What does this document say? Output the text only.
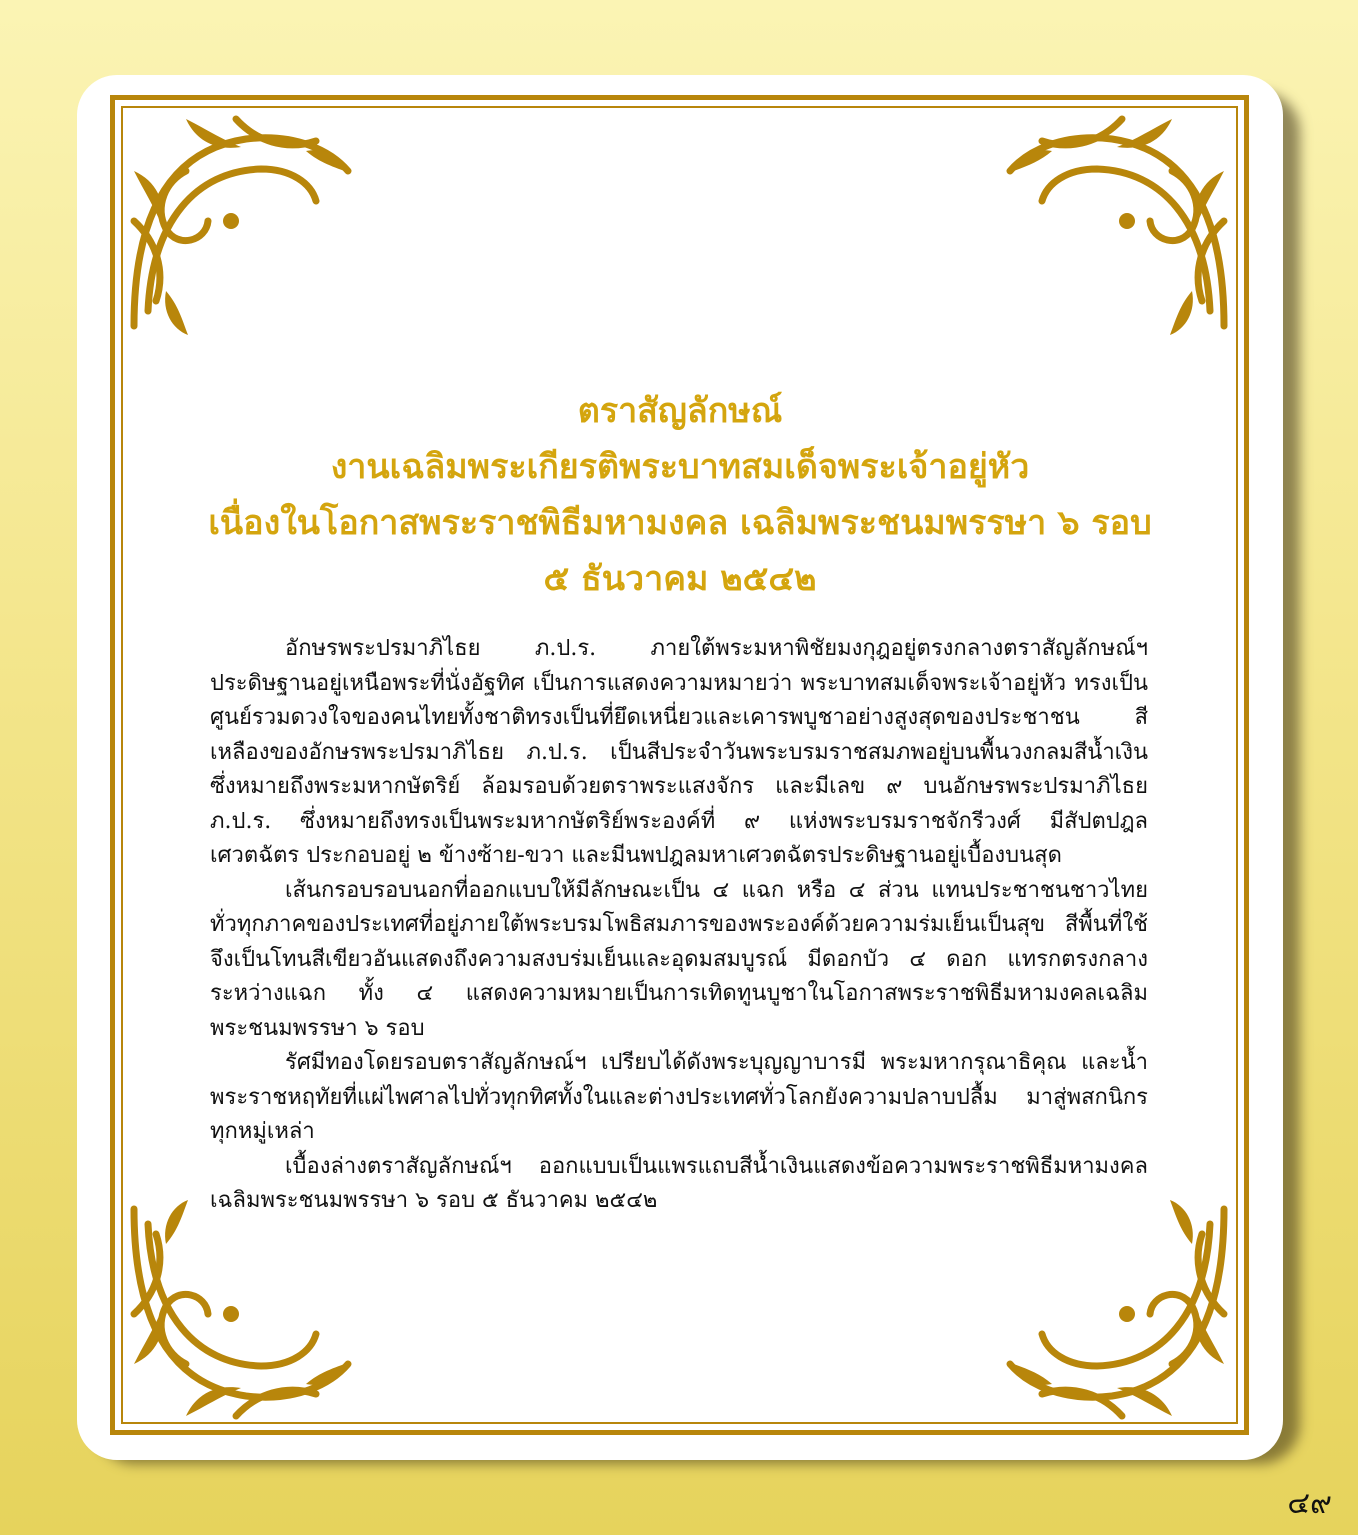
ตราสัญลักษณ์
งานเฉลิมพระเกียรติพระบาทสมเด็จพระเจ้าอยู่หัว
เนื่องในโอกาสพระราชพิธีมหามงคล เฉลิมพระชนมพรรษา ๖ รอบ
๕ ธันวาคม ๒๕๔๒

อักษรพระปรมาภิไธย ภ.ป.ร. ภายใต้พระมหาพิชัยมงกุฎอยู่ตรงกลางตราสัญลักษณ์ฯ ประดิษฐานอยู่เหนือพระที่นั่งอัฐทิศ เป็นการแสดงความหมายว่า พระบาทสมเด็จพระเจ้าอยู่หัว ทรงเป็นศูนย์รวมดวงใจของคนไทยทั้งชาติทรงเป็นที่ยึดเหนี่ยวและเคารพบูชาอย่างสูงสุดของประชาชน สีเหลืองของอักษรพระปรมาภิไธย ภ.ป.ร. เป็นสีประจำวันพระบรมราชสมภพอยู่บนพื้นวงกลมสีน้ำเงิน ซึ่งหมายถึงพระมหากษัตริย์ ล้อมรอบด้วยตราพระแสงจักร และมีเลข ๙ บนอักษรพระปรมาภิไธย ภ.ป.ร. ซึ่งหมายถึงทรงเป็นพระมหากษัตริย์พระองค์ที่ ๙ แห่งพระบรมราชจักรีวงศ์ มีสัปตปฎลเศวตฉัตร ประกอบอยู่ ๒ ข้างซ้าย-ขวา และมีนพปฎลมหาเศวตฉัตรประดิษฐานอยู่เบื้องบนสุด

เส้นกรอบรอบนอกที่ออกแบบให้มีลักษณะเป็น ๔ แฉก หรือ ๔ ส่วน แทนประชาชนชาวไทย ทั่วทุกภาคของประเทศที่อยู่ภายใต้พระบรมโพธิสมภารของพระองค์ด้วยความร่มเย็นเป็นสุข สีพื้นที่ใช้ จึงเป็นโทนสีเขียวอันแสดงถึงความสงบร่มเย็นและอุดมสมบูรณ์ มีดอกบัว ๔ ดอก แทรกตรงกลางระหว่างแฉก ทั้ง ๔ แสดงความหมายเป็นการเทิดทูนบูชาในโอกาสพระราชพิธีมหามงคลเฉลิมพระชนมพรรษา ๖ รอบ

รัศมีทองโดยรอบตราสัญลักษณ์ฯ เปรียบได้ดังพระบุญญาบารมี พระมหากรุณาธิคุณ และน้ำพระราชหฤทัยที่แผ่ไพศาลไปทั่วทุกทิศทั้งในและต่างประเทศทั่วโลกยังความปลาบปลื้ม มาสู่พสกนิกรทุกหมู่เหล่า

เบื้องล่างตราสัญลักษณ์ฯ ออกแบบเป็นแพรแถบสีน้ำเงินแสดงข้อความพระราชพิธีมหามงคล เฉลิมพระชนมพรรษา ๖ รอบ ๕ ธันวาคม ๒๕๔๒

๔๙
